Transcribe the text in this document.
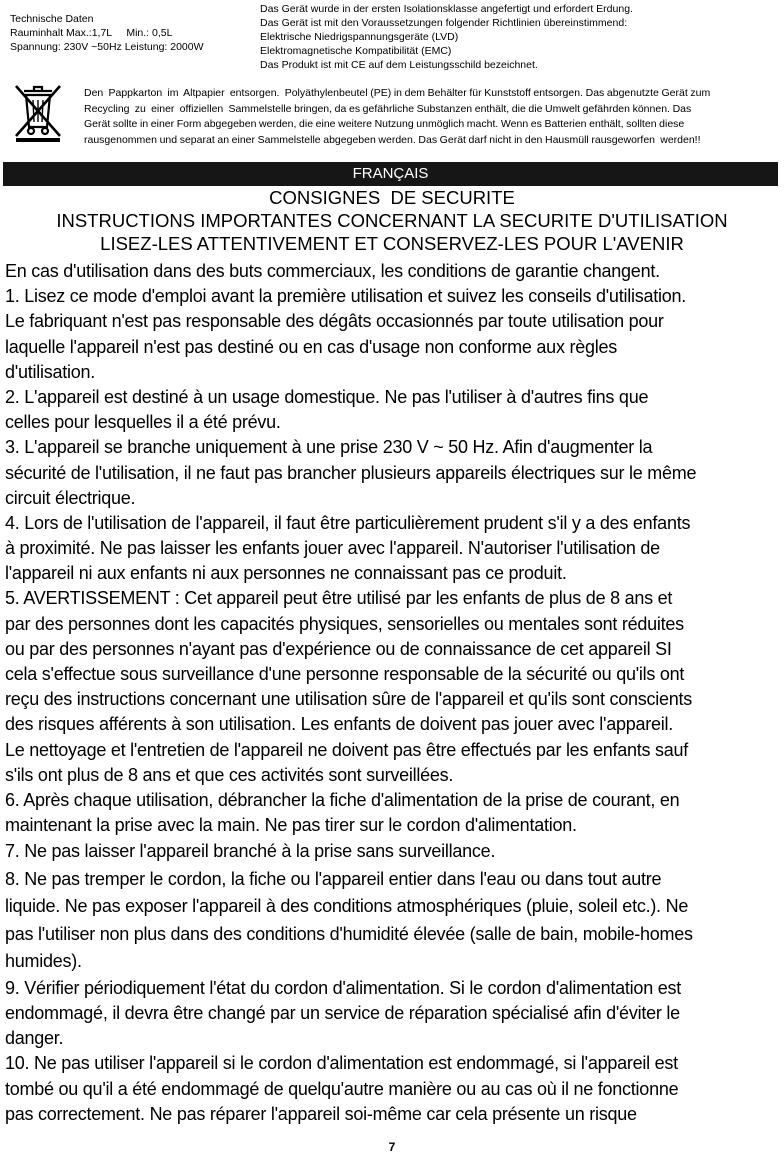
Technische Daten
Rauminhalt Max.:1,7L     Min.: 0,5L
Spannung: 230V ~50Hz Leistung: 2000W
Das Gerät wurde in der ersten Isolationsklasse angefertigt und erfordert Erdung.
Das Gerät ist mit den Voraussetzungen folgender Richtlinien übereinstimmend:
Elektrische Niedrigspannungsgeräte (LVD)
Elektromagnetische Kompatibilität (EMC)
Das Produkt ist mit CE auf dem Leistungsschild bezeichnet.
Den  Pappkarton  im  Altpapier  entsorgen.  Polyäthylenbeutel (PE) in dem Behälter für Kunststoff entsorgen. Das abgenutzte Gerät zum
Recycling  zu  einer  offiziellen  Sammelstelle bringen, da es gefährliche Substanzen enthält, die die Umwelt gefährden können. Das
Gerät sollte in einer Form abgegeben werden, die eine weitere Nutzung unmöglich macht. Wenn es Batterien enthält, sollten diese
rausgenommen und separat an einer Sammelstelle abgegeben werden. Das Gerät darf nicht in den Hausmüll rausgeworfen  werden!!
FRANÇAIS
CONSIGNES  DE SECURITE
INSTRUCTIONS IMPORTANTES CONCERNANT LA SECURITE D'UTILISATION
LISEZ-LES ATTENTIVEMENT ET CONSERVEZ-LES POUR L'AVENIR
En cas d'utilisation dans des buts commerciaux, les conditions de garantie changent.
1. Lisez ce mode d'emploi avant la première utilisation et suivez les conseils d'utilisation.
Le fabriquant n'est pas responsable des dégâts occasionnés par toute utilisation pour
laquelle l'appareil n'est pas destiné ou en cas d'usage non conforme aux règles
d'utilisation.
2. L'appareil est destiné à un usage domestique. Ne pas l'utiliser à d'autres fins que
celles pour lesquelles il a été prévu.
3. L'appareil se branche uniquement à une prise 230 V ~ 50 Hz. Afin d'augmenter la
sécurité de l'utilisation, il ne faut pas brancher plusieurs appareils électriques sur le même
circuit électrique.
4. Lors de l'utilisation de l'appareil, il faut être particulièrement prudent s'il y a des enfants
à proximité. Ne pas laisser les enfants jouer avec l'appareil. N'autoriser l'utilisation de
l'appareil ni aux enfants ni aux personnes ne connaissant pas ce produit.
5. AVERTISSEMENT : Cet appareil peut être utilisé par les enfants de plus de 8 ans et
par des personnes dont les capacités physiques, sensorielles ou mentales sont réduites
ou par des personnes n'ayant pas d'expérience ou de connaissance de cet appareil SI
cela s'effectue sous surveillance d'une personne responsable de la sécurité ou qu'ils ont
reçu des instructions concernant une utilisation sûre de l'appareil et qu'ils sont conscients
des risques afférents à son utilisation. Les enfants de doivent pas jouer avec l'appareil.
Le nettoyage et l'entretien de l'appareil ne doivent pas être effectués par les enfants sauf
s'ils ont plus de 8 ans et que ces activités sont surveillées.
6. Après chaque utilisation, débrancher la fiche d'alimentation de la prise de courant, en
maintenant la prise avec la main. Ne pas tirer sur le cordon d'alimentation.
7. Ne pas laisser l'appareil branché à la prise sans surveillance.
8. Ne pas tremper le cordon, la fiche ou l'appareil entier dans l'eau ou dans tout autre
liquide. Ne pas exposer l'appareil à des conditions atmosphériques (pluie, soleil etc.). Ne
pas l'utiliser non plus dans des conditions d'humidité élevée (salle de bain, mobile-homes
humides).
9. Vérifier périodiquement l'état du cordon d'alimentation. Si le cordon d'alimentation est
endommagé, il devra être changé par un service de réparation spécialisé afin d'éviter le
danger.
10. Ne pas utiliser l'appareil si le cordon d'alimentation est endommagé, si l'appareil est
tombé ou qu'il a été endommagé de quelqu'autre manière ou au cas où il ne fonctionne
pas correctement. Ne pas réparer l'appareil soi-même car cela présente un risque
7
